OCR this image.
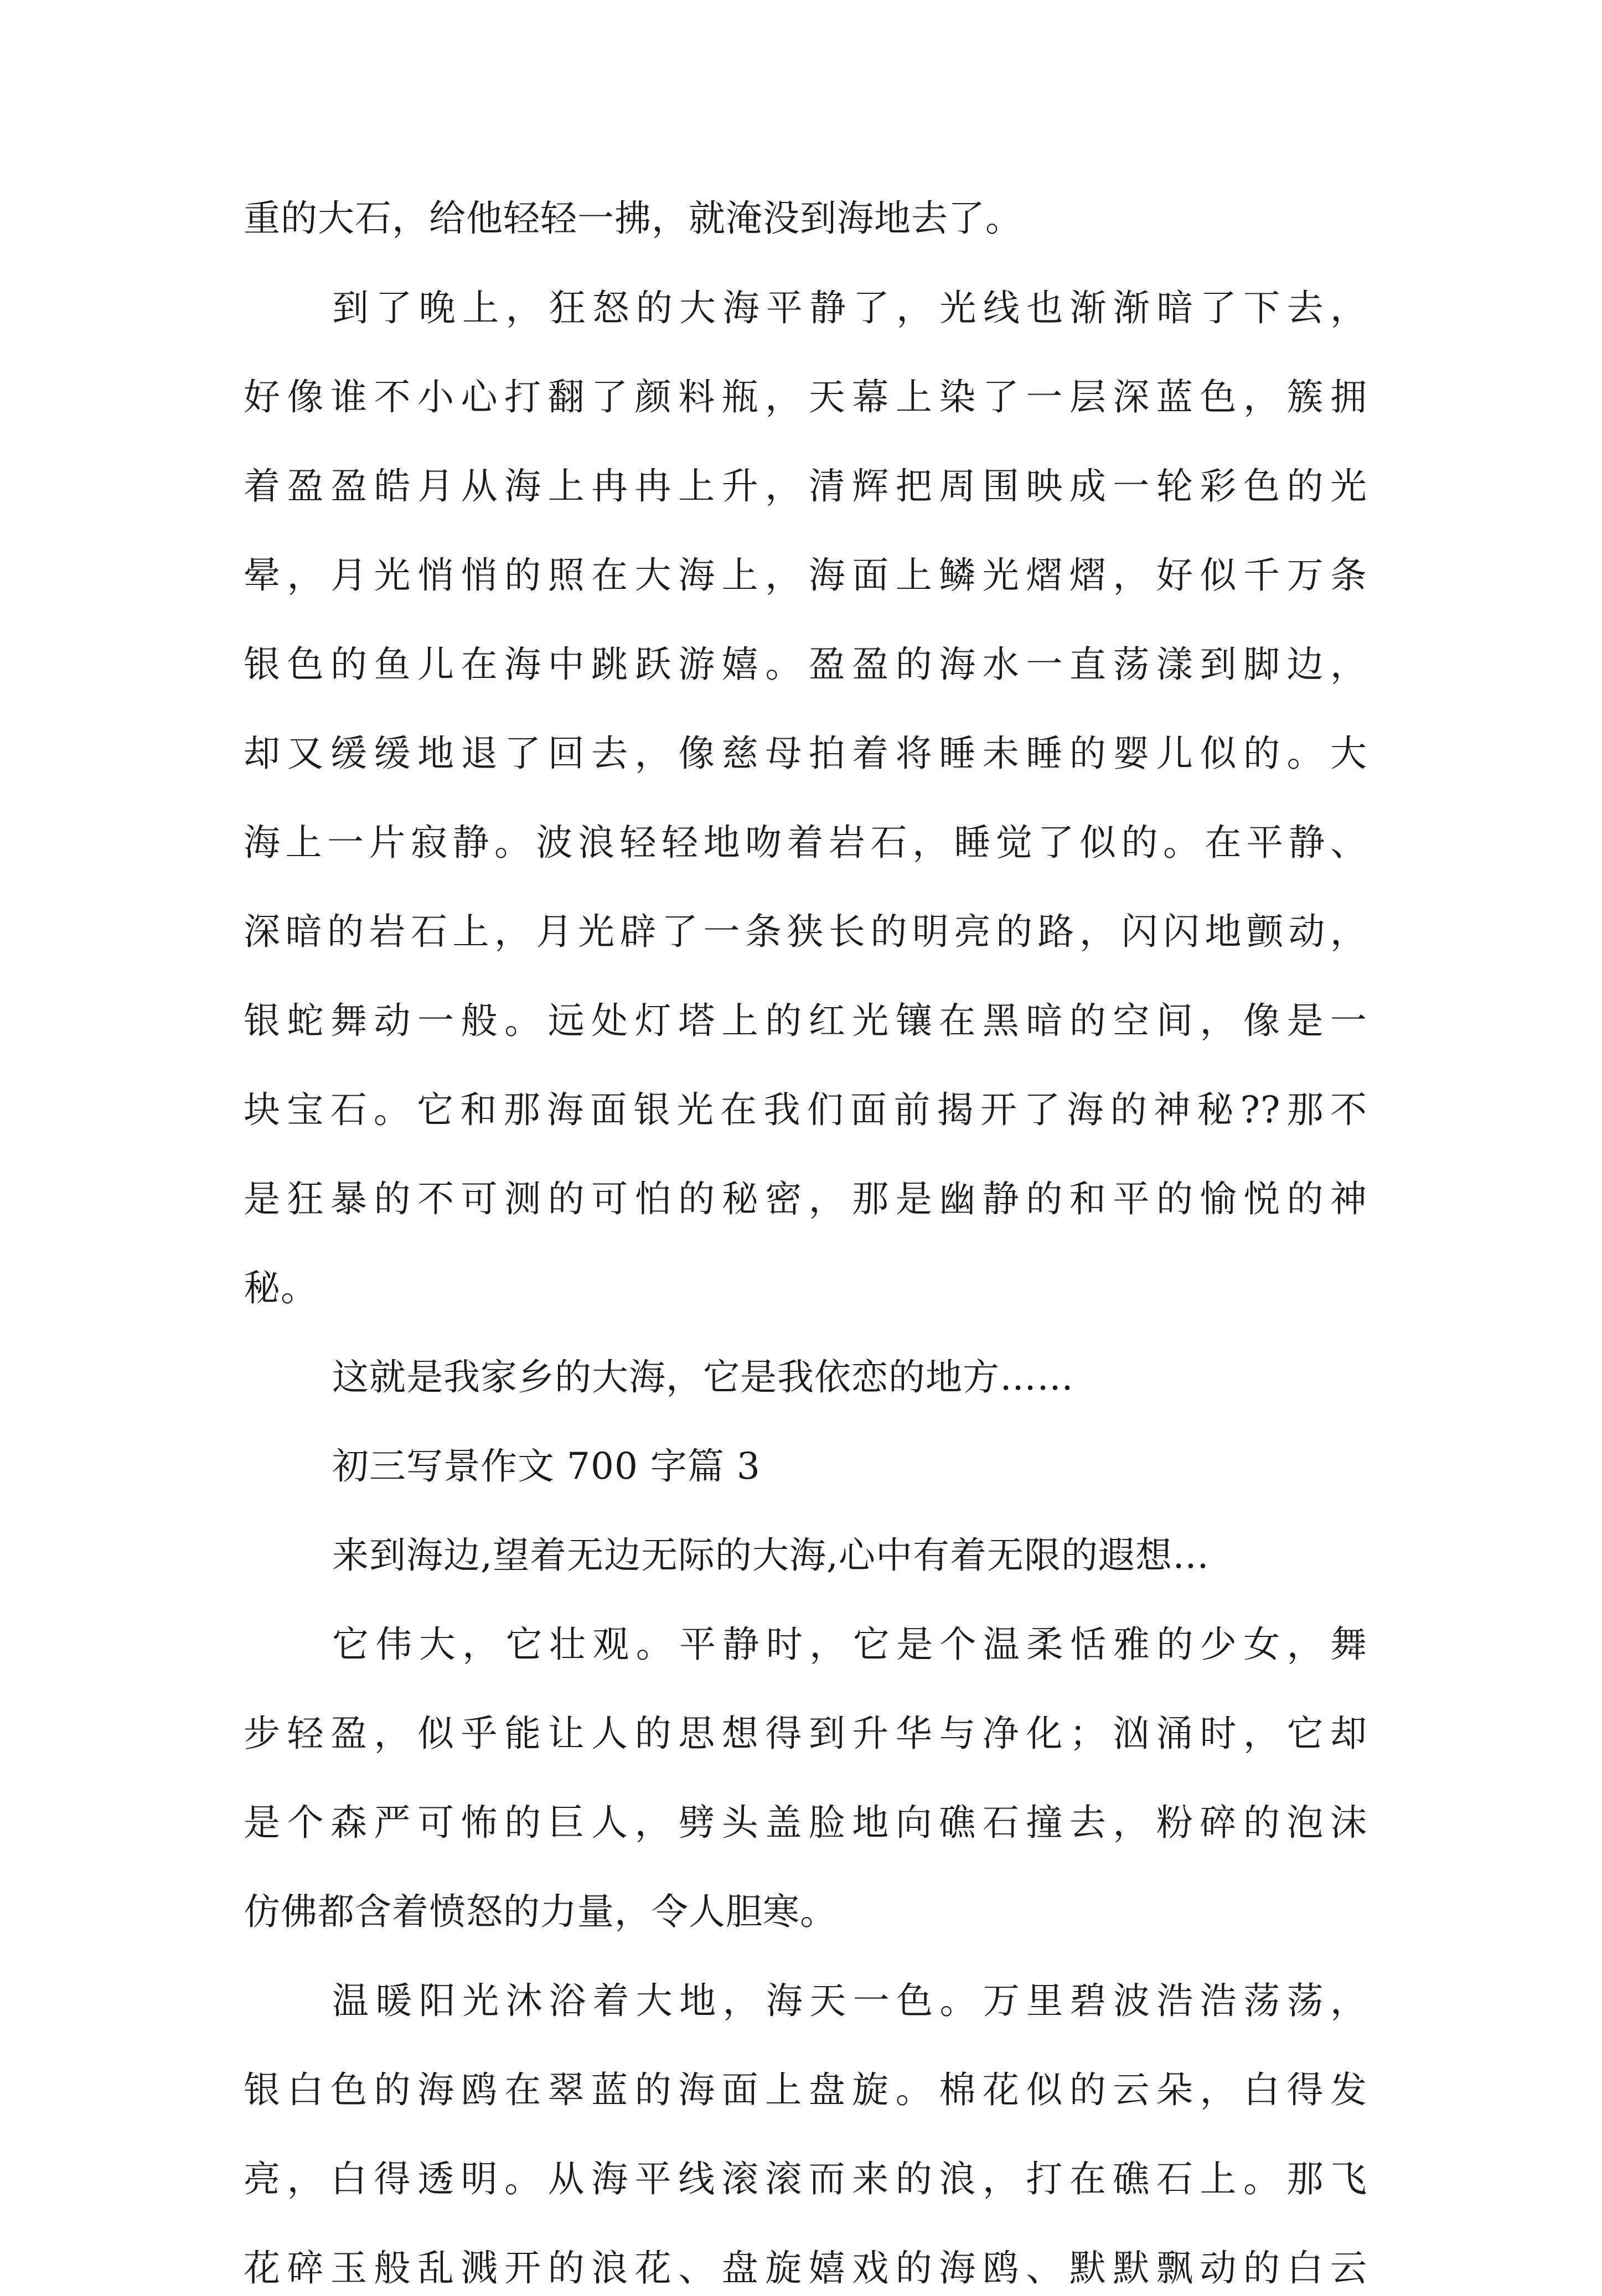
重的大石，给他轻轻一拂，就淹没到海地去了。
到了晚上，狂怒的大海平静了，光线也渐渐暗了下去，
好像谁不小心打翻了颜料瓶，天幕上染了一层深蓝色，簇拥
着盈盈皓月从海上冉冉上升，清辉把周围映成一轮彩色的光
晕，月光悄悄的照在大海上，海面上鳞光熠熠，好似千万条
银色的鱼儿在海中跳跃游嬉。盈盈的海水一直荡漾到脚边，
却又缓缓地退了回去，像慈母拍着将睡未睡的婴儿似的。大
海上一片寂静。波浪轻轻地吻着岩石，睡觉了似的。在平静、
深暗的岩石上，月光辟了一条狭长的明亮的路，闪闪地颤动，
银蛇舞动一般。远处灯塔上的红光镶在黑暗的空间，像是一
块宝石。它和那海面银光在我们面前揭开了海的神秘??那不
是狂暴的不可测的可怕的秘密，那是幽静的和平的愉悦的神
秘。
这就是我家乡的大海，它是我依恋的地方……
初三写景作文 700 字篇 3
来到海边,望着无边无际的大海,心中有着无限的遐想…
它伟大，它壮观。平静时，它是个温柔恬雅的少女，舞
步轻盈，似乎能让人的思想得到升华与净化；汹涌时，它却
是个森严可怖的巨人，劈头盖脸地向礁石撞去，粉碎的泡沫
仿佛都含着愤怒的力量，令人胆寒。
温暖阳光沐浴着大地，海天一色。万里碧波浩浩荡荡，
银白色的海鸥在翠蓝的海面上盘旋。棉花似的云朵，白得发
亮，白得透明。从海平线滚滚而来的浪，打在礁石上。那飞
花碎玉般乱溅开的浪花、盘旋嬉戏的海鸥、默默飘动的白云
